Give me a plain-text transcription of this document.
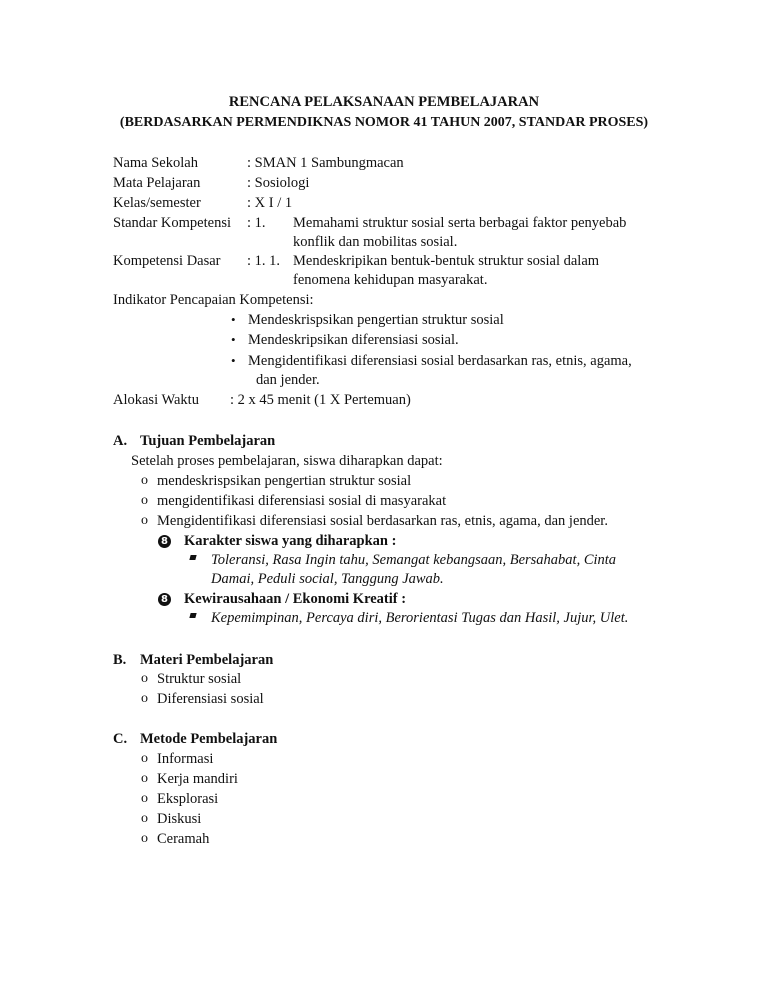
RENCANA PELAKSANAAN PEMBELAJARAN
(BERDASARKAN PERMENDIKNAS NOMOR 41 TAHUN 2007, STANDAR PROSES)
Nama Sekolah	: SMAN 1 Sambungmacan
Mata Pelajaran	: Sosiologi
Kelas/semester	: X I / 1
Standar Kompetensi : 1. Memahami struktur sosial serta berbagai faktor penyebab
konflik dan mobilitas sosial.
Kompetensi Dasar : 1. 1. Mendeskripikan bentuk-bentuk struktur sosial dalam
fenomena kehidupan masyarakat.
Indikator Pencapaian Kompetensi:
• Mendeskrispsikan pengertian struktur sosial
• Mendeskripsikan diferensiasi sosial.
• Mengidentifikasi diferensiasi sosial berdasarkan ras, etnis, agama,
dan jender.
Alokasi Waktu : 2 x 45 menit (1 X Pertemuan)
A. Tujuan Pembelajaran
Setelah proses pembelajaran, siswa diharapkan dapat:
o mendeskrispsikan pengertian struktur sosial
o mengidentifikasi diferensiasi sosial di masyarakat
o Mengidentifikasi diferensiasi sosial berdasarkan ras, etnis, agama, dan jender.
8 Karakter siswa yang diharapkan :
Toleransi, Rasa Ingin tahu, Semangat kebangsaan, Bersahabat, Cinta
Damai, Peduli social, Tanggung Jawab.
8 Kewirausahaan / Ekonomi Kreatif :
Kepemimpinan, Percaya diri, Berorientasi Tugas dan Hasil, Jujur, Ulet.
B. Materi Pembelajaran
o Struktur sosial
o Diferensiasi sosial
C. Metode Pembelajaran
o Informasi
o Kerja mandiri
o Eksplorasi
o Diskusi
o Ceramah
